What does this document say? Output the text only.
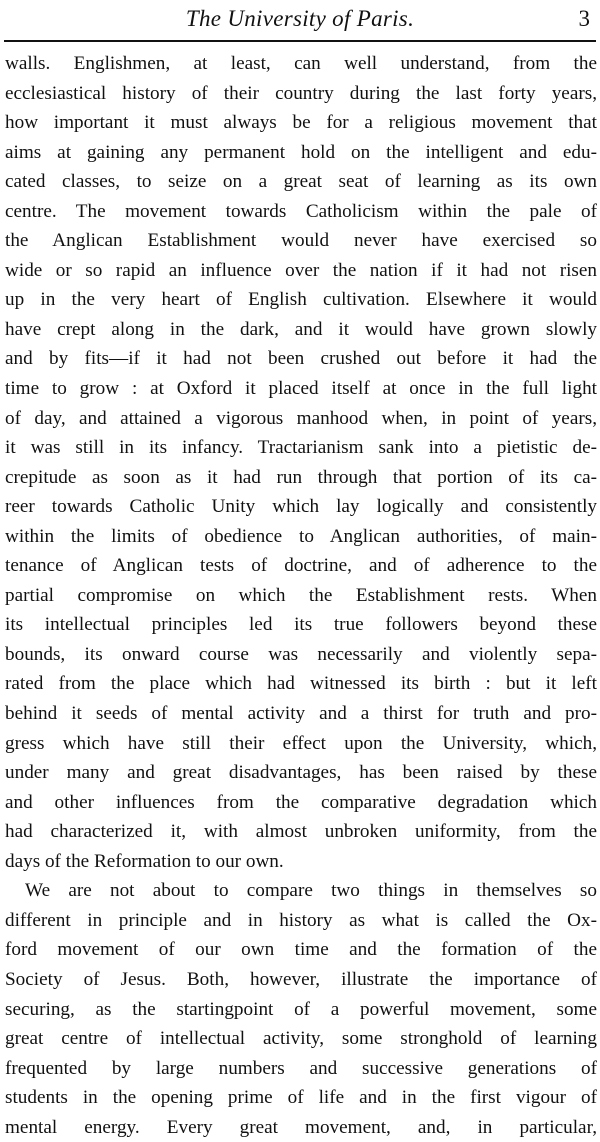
The University of Paris.	3
walls. Englishmen, at least, can well understand, from the
ecclesiastical history of their country during the last forty years,
how important it must always be for a religious movement that
aims at gaining any permanent hold on the intelligent and edu-
cated classes, to seize on a great seat of learning as its own
centre. The movement towards Catholicism within the pale of
the Anglican Establishment would never have exercised so
wide or so rapid an influence over the nation if it had not risen
up in the very heart of English cultivation. Elsewhere it would
have crept along in the dark, and it would have grown slowly
and by fits—if it had not been crushed out before it had the
time to grow : at Oxford it placed itself at once in the full light
of day, and attained a vigorous manhood when, in point of years,
it was still in its infancy. Tractarianism sank into a pietistic de-
crepitude as soon as it had run through that portion of its ca-
reer towards Catholic Unity which lay logically and consistently
within the limits of obedience to Anglican authorities, of main-
tenance of Anglican tests of doctrine, and of adherence to the
partial compromise on which the Establishment rests. When
its intellectual principles led its true followers beyond these
bounds, its onward course was necessarily and violently sepa-
rated from the place which had witnessed its birth : but it left
behind it seeds of mental activity and a thirst for truth and pro-
gress which have still their effect upon the University, which,
under many and great disadvantages, has been raised by these
and other influences from the comparative degradation which
had characterized it, with almost unbroken uniformity, from the
days of the Reformation to our own.
We are not about to compare two things in themselves so
different in principle and in history as what is called the Ox-
ford movement of our own time and the formation of the
Society of Jesus. Both, however, illustrate the importance of
securing, as the startingpoint of a powerful movement, some
great centre of intellectual activity, some stronghold of learning
frequented by large numbers and successive generations of
students in the opening prime of life and in the first vigour of
mental energy. Every great movement, and, in particular,
